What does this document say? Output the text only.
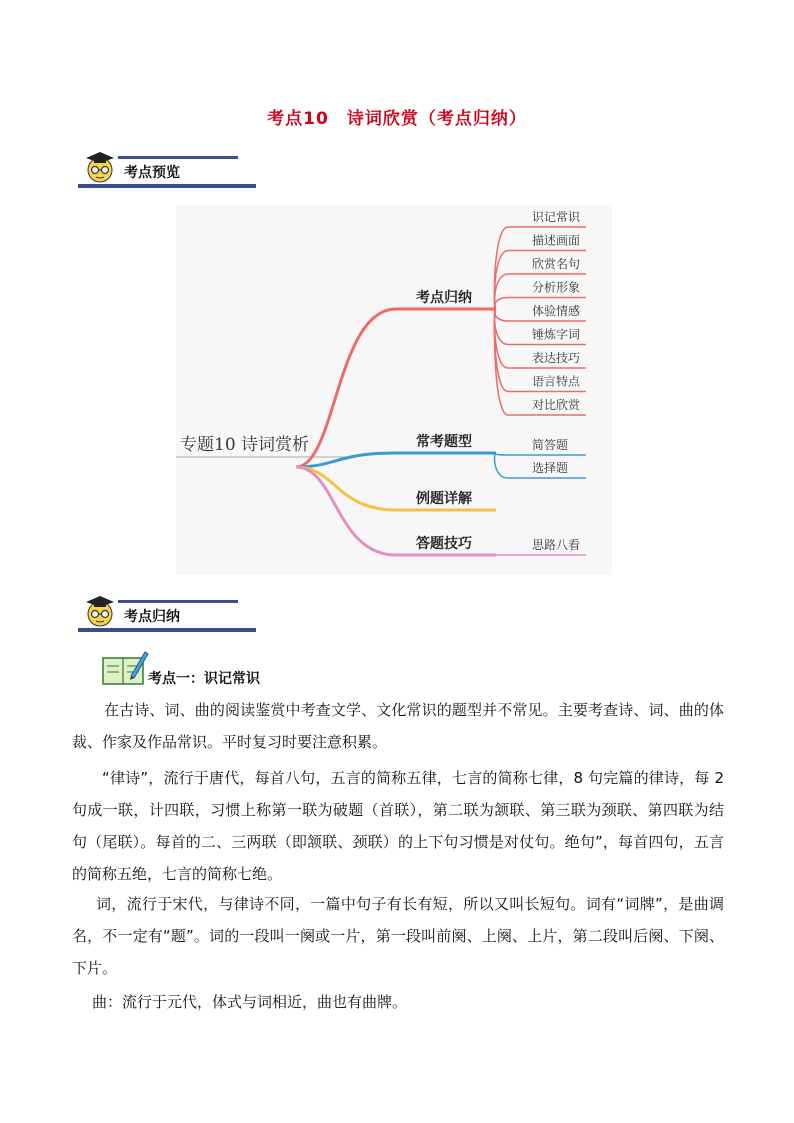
考点10　诗词欣赏（考点归纳）
考点预览
专题10 诗词赏析
考点归纳
识记常识
描述画面
欣赏名句
分析形象
体验情感
锤炼字词
表达技巧
语言特点
对比欣赏
常考题型	简答题
选择题
例题详解
答题技巧	思路八看
考点归纳
考点一：识记常识
在古诗、词、曲的阅读鉴赏中考查文学、文化常识的题型并不常见。主要考查诗、词、曲的体裁、作家及作品常识。平时复习时要注意积累。
“律诗”，流行于唐代，每首八句，五言的简称五律，七言的简称七律，8 句完篇的律诗，每 2 句成一联，计四联，习惯上称第一联为破题（首联），第二联为颔联、第三联为颈联、第四联为结句（尾联）。每首的二、三两联（即颔联、颈联）的上下句习惯是对仗句。绝句”，每首四句，五言的简称五绝，七言的简称七绝。
词，流行于宋代，与律诗不同，一篇中句子有长有短，所以又叫长短句。词有“词牌”，是曲调名，不一定有“题”。词的一段叫一阕或一片，第一段叫前阕、上阕、上片，第二段叫后阕、下阕、下片。
曲：流行于元代，体式与词相近，曲也有曲牌。
